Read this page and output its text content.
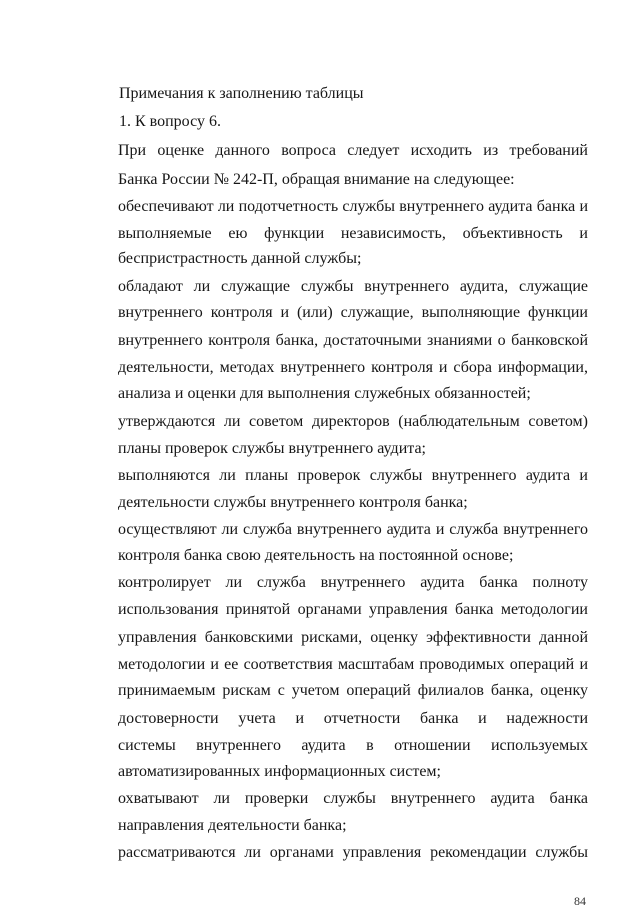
Примечания к заполнению таблицы
1. К вопросу 6.
При оценке данного вопроса следует исходить из требований
Банка России № 242-П, обращая внимание на следующее:
обеспечивают ли подотчетность службы внутреннего аудита банка и
выполняемые ею функции независимость, объективность и
беспристрастность данной службы;
обладают ли служащие службы внутреннего аудита, служащие
внутреннего контроля и (или) служащие, выполняющие функции
внутреннего контроля банка, достаточными знаниями о банковской
деятельности, методах внутреннего контроля и сбора информации,
анализа и оценки для выполнения служебных обязанностей;
утверждаются ли советом директоров (наблюдательным советом)
планы проверок службы внутреннего аудита;
выполняются ли планы проверок службы внутреннего аудита и
деятельности службы внутреннего контроля банка;
осуществляют ли служба внутреннего аудита и служба внутреннего
контроля банка свою деятельность на постоянной основе;
контролирует ли служба внутреннего аудита банка полноту
использования принятой органами управления банка методологии
управления банковскими рисками, оценку эффективности данной
методологии и ее соответствия масштабам проводимых операций и
принимаемым рискам с учетом операций филиалов банка, оценку
достоверности учета и отчетности банка и надежности
системы внутреннего аудита в отношении используемых
автоматизированных информационных систем;
охватывают ли проверки службы внутреннего аудита банка
направления деятельности банка;
рассматриваются ли органами управления рекомендации службы
84
